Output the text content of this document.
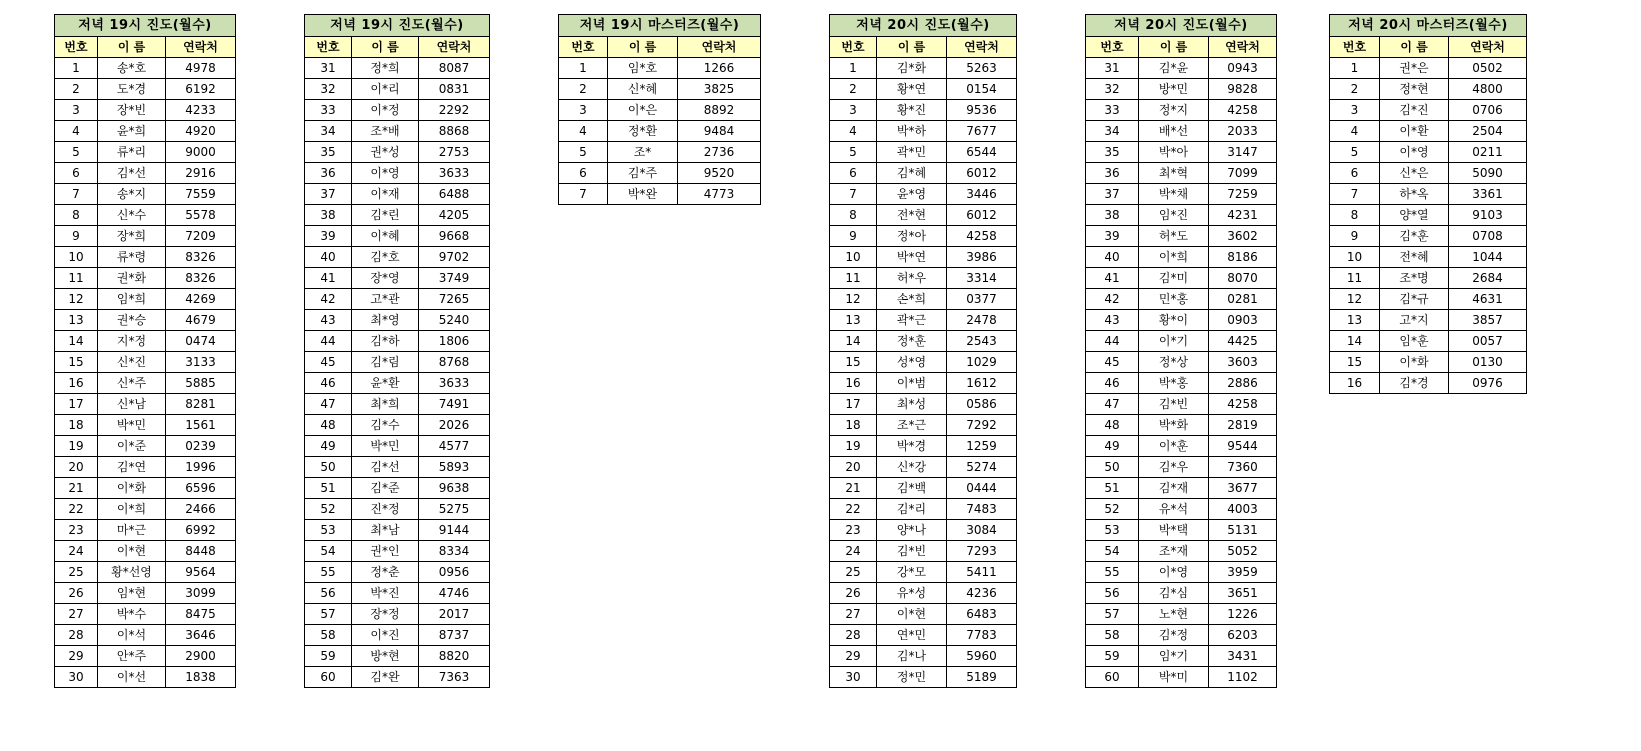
저녁 19시 진도(월수)		
번호	이 름	연락처
1	송*호	4978
2	도*경	6192
3	장*빈	4233
4	윤*희	4920
5	류*리	9000
6	김*선	2916
7	송*지	7559
8	신*수	5578
9	장*희	7209
10	류*령	8326
11	권*화	8326
12	임*희	4269
13	권*승	4679
14	지*정	0474
15	신*진	3133
16	신*주	5885
17	신*남	8281
18	박*민	1561
19	이*준	0239
20	김*연	1996
21	이*화	6596
22	이*희	2466
23	마*근	6992
24	이*현	8448
25	황*선영	9564
26	임*현	3099
27	박*수	8475
28	이*석	3646
29	안*주	2900
30	이*선	1838
저녁 19시 진도(월수)		
번호	이 름	연락처
31	정*희	8087
32	이*리	0831
33	이*정	2292
34	조*배	8868
35	권*성	2753
36	이*영	3633
37	이*재	6488
38	김*린	4205
39	이*혜	9668
40	김*호	9702
41	장*영	3749
42	고*관	7265
43	최*영	5240
44	김*하	1806
45	김*림	8768
46	윤*환	3633
47	최*희	7491
48	김*수	2026
49	박*민	4577
50	김*선	5893
51	김*준	9638
52	진*정	5275
53	최*남	9144
54	권*인	8334
55	정*춘	0956
56	박*진	4746
57	장*정	2017
58	이*진	8737
59	방*현	8820
60	김*완	7363
저녁 19시 마스터즈(월수)		
번호	이 름	연락처
1	임*호	1266
2	신*혜	3825
3	이*은	8892
4	정*환	9484
5	조*	2736
6	김*주	9520
7	박*완	4773
저녁 20시 진도(월수)		
번호	이 름	연락처
1	김*화	5263
2	황*연	0154
3	황*진	9536
4	박*하	7677
5	곽*민	6544
6	김*혜	6012
7	윤*영	3446
8	전*현	6012
9	정*아	4258
10	박*연	3986
11	허*우	3314
12	손*희	0377
13	곽*근	2478
14	정*훈	2543
15	성*영	1029
16	이*범	1612
17	최*성	0586
18	조*근	7292
19	박*경	1259
20	신*강	5274
21	김*백	0444
22	김*리	7483
23	양*나	3084
24	김*빈	7293
25	강*모	5411
26	유*성	4236
27	이*현	6483
28	연*민	7783
29	김*나	5960
30	정*민	5189
저녁 20시 진도(월수)		
번호	이 름	연락처
31	김*윤	0943
32	방*민	9828
33	정*지	4258
34	배*선	2033
35	박*아	3147
36	최*혁	7099
37	박*채	7259
38	임*진	4231
39	허*도	3602
40	이*희	8186
41	김*미	8070
42	민*홍	0281
43	황*이	0903
44	이*기	4425
45	정*상	3603
46	박*홍	2886
47	김*빈	4258
48	박*화	2819
49	이*훈	9544
50	김*우	7360
51	김*재	3677
52	유*석	4003
53	박*택	5131
54	조*재	5052
55	이*영	3959
56	김*심	3651
57	노*현	1226
58	김*정	6203
59	임*기	3431
60	박*미	1102
저녁 20시 마스터즈(월수)		
번호	이 름	연락처
1	권*은	0502
2	정*현	4800
3	김*진	0706
4	이*환	2504
5	이*영	0211
6	신*은	5090
7	하*옥	3361
8	양*열	9103
9	김*훈	0708
10	전*혜	1044
11	조*명	2684
12	김*규	4631
13	고*지	3857
14	임*훈	0057
15	이*화	0130
16	김*경	0976
